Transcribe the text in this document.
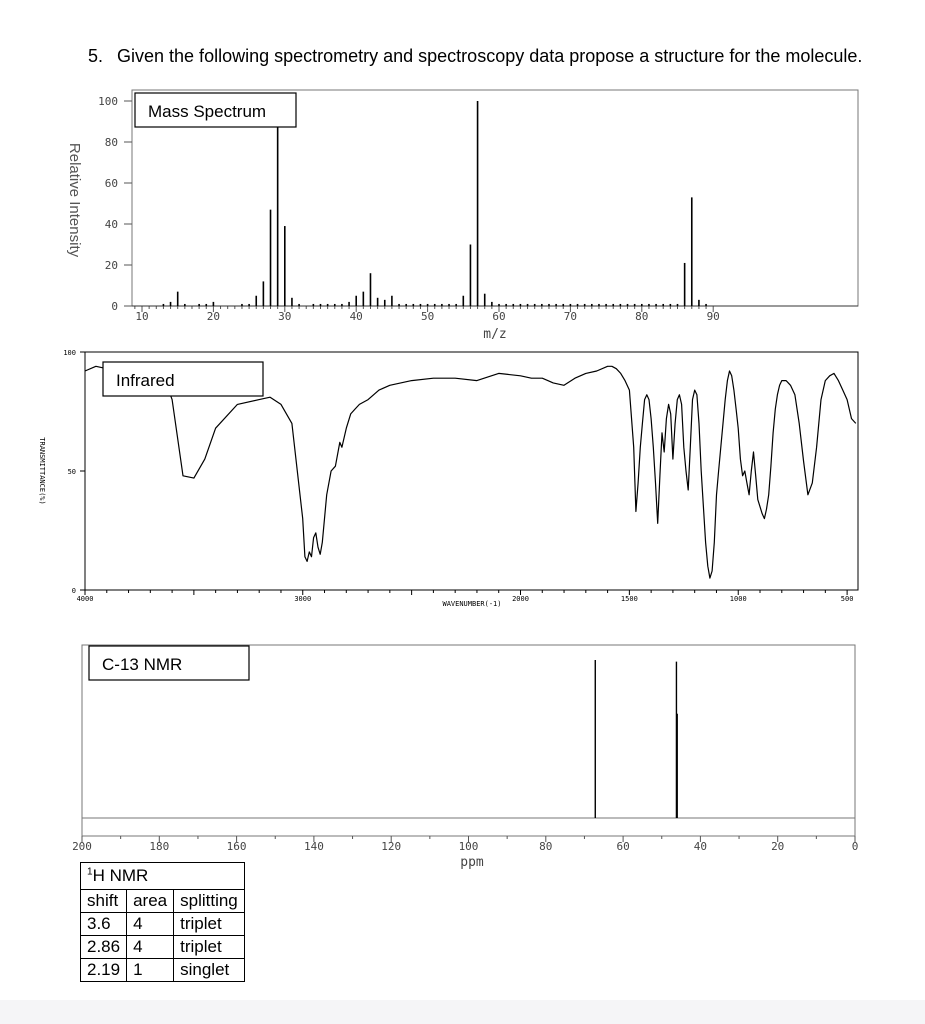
5. Given the following spectrometry and spectroscopy data propose a structure for the molecule.
0
20
40
60
80
100
10	20	30	40	50	60	70	80	90
m/z
Relative Intensity
Mass Spectrum
0
50
100
4000	3000	2000	1500	1000	500
WAVENUMBER(-1)
TRANSMITTANCE(%)
Infrared
200	180	160	140	120	100	80	60	40	20	0
ppm
C-13 NMR
$^1$H NMR		
shift	area	splitting
3.6	4	triplet
2.86	4	triplet
2.19	1	singlet
